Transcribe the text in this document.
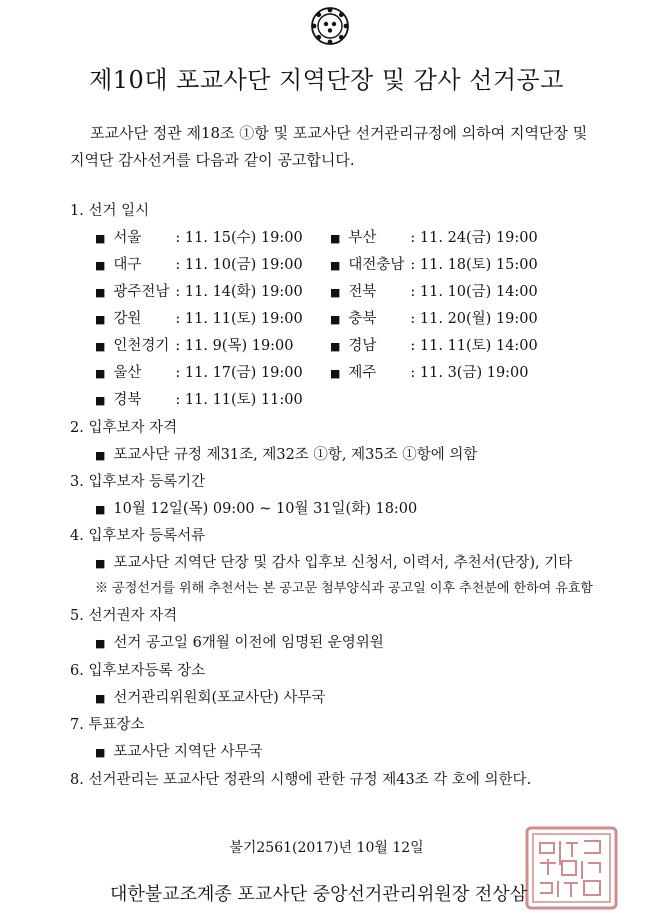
제10대 포교사단 지역단장 및 감사 선거공고
포교사단 정관 제18조 ①항 및 포교사단 선거관리규정에 의하여 지역단장 및
지역단 감사선거를 다음과 같이 공고합니다.
1. 선거 일시
■ 서울 : 11. 15(수) 19:00 ■ 부산 : 11. 24(금) 19:00
■ 대구 : 11. 10(금) 19:00 ■ 대전충남 : 11. 18(토) 15:00
■ 광주전남 : 11. 14(화) 19:00 ■ 전북 : 11. 10(금) 14:00
■ 강원 : 11. 11(토) 19:00 ■ 충북 : 11. 20(월) 19:00
■ 인천경기 : 11. 9(목) 19:00	■ 경남 : 11. 11(토) 14:00
■ 울산 : 11. 17(금) 19:00 ■ 제주 : 11. 3(금) 19:00
■ 경북 : 11. 11(토) 11:00
2. 입후보자 자격
■ 포교사단 규정 제31조, 제32조 ①항, 제35조 ①항에 의함
3. 입후보자 등록기간
■ 10월 12일(목) 09:00 ~ 10월 31일(화) 18:00
4. 입후보자 등록서류
■ 포교사단 지역단 단장 및 감사 입후보 신청서, 이력서, 추천서(단장), 기타
※ 공정선거를 위해 추천서는 본 공고문 첨부양식과 공고일 이후 추천분에 한하여 유효함
5. 선거권자 자격
■ 선거 공고일 6개월 이전에 임명된 운영위원
6. 입후보자등록 장소
■ 선거관리위원회(포교사단) 사무국
7. 투표장소
■ 포교사단 지역단 사무국
8. 선거관리는 포교사단 정관의 시행에 관한 규정 제43조 각 호에 의한다.
불기2561(2017)년 10월 12일
대한불교조계종 포교사단 중앙선거관리위원장 전상삼
